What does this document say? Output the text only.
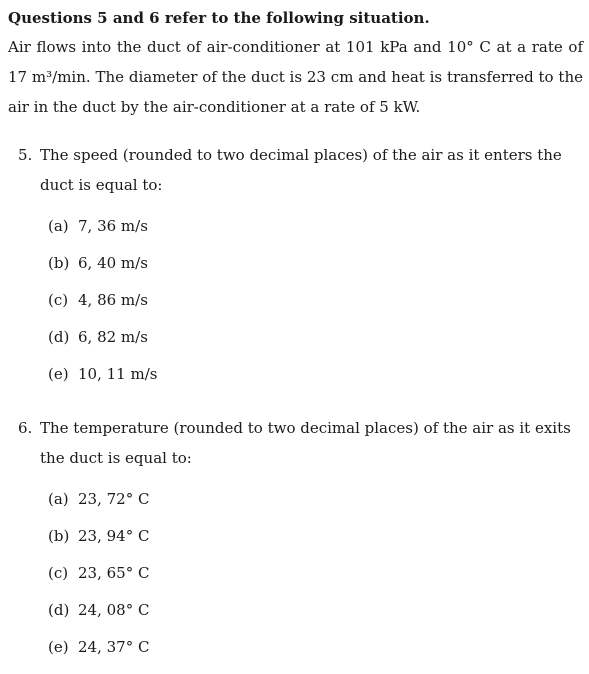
Questions 5 and 6 refer to the following situation.

Air flows into the duct of air-conditioner at 101 kPa and 10° C at a rate of 17 m³/min. The diameter of the duct is 23 cm and heat is transferred to the air in the duct by the air-conditioner at a rate of 5 kW.

5. The speed (rounded to two decimal places) of the air as it enters the duct is equal to:

(a) 7, 36 m/s
(b) 6, 40 m/s
(c) 4, 86 m/s
(d) 6, 82 m/s
(e) 10, 11 m/s
6. The temperature (rounded to two decimal places) of the air as it exits the duct is equal to:

(a) 23, 72° C
(b) 23, 94° C
(c) 23, 65° C
(d) 24, 08° C
(e) 24, 37° C
